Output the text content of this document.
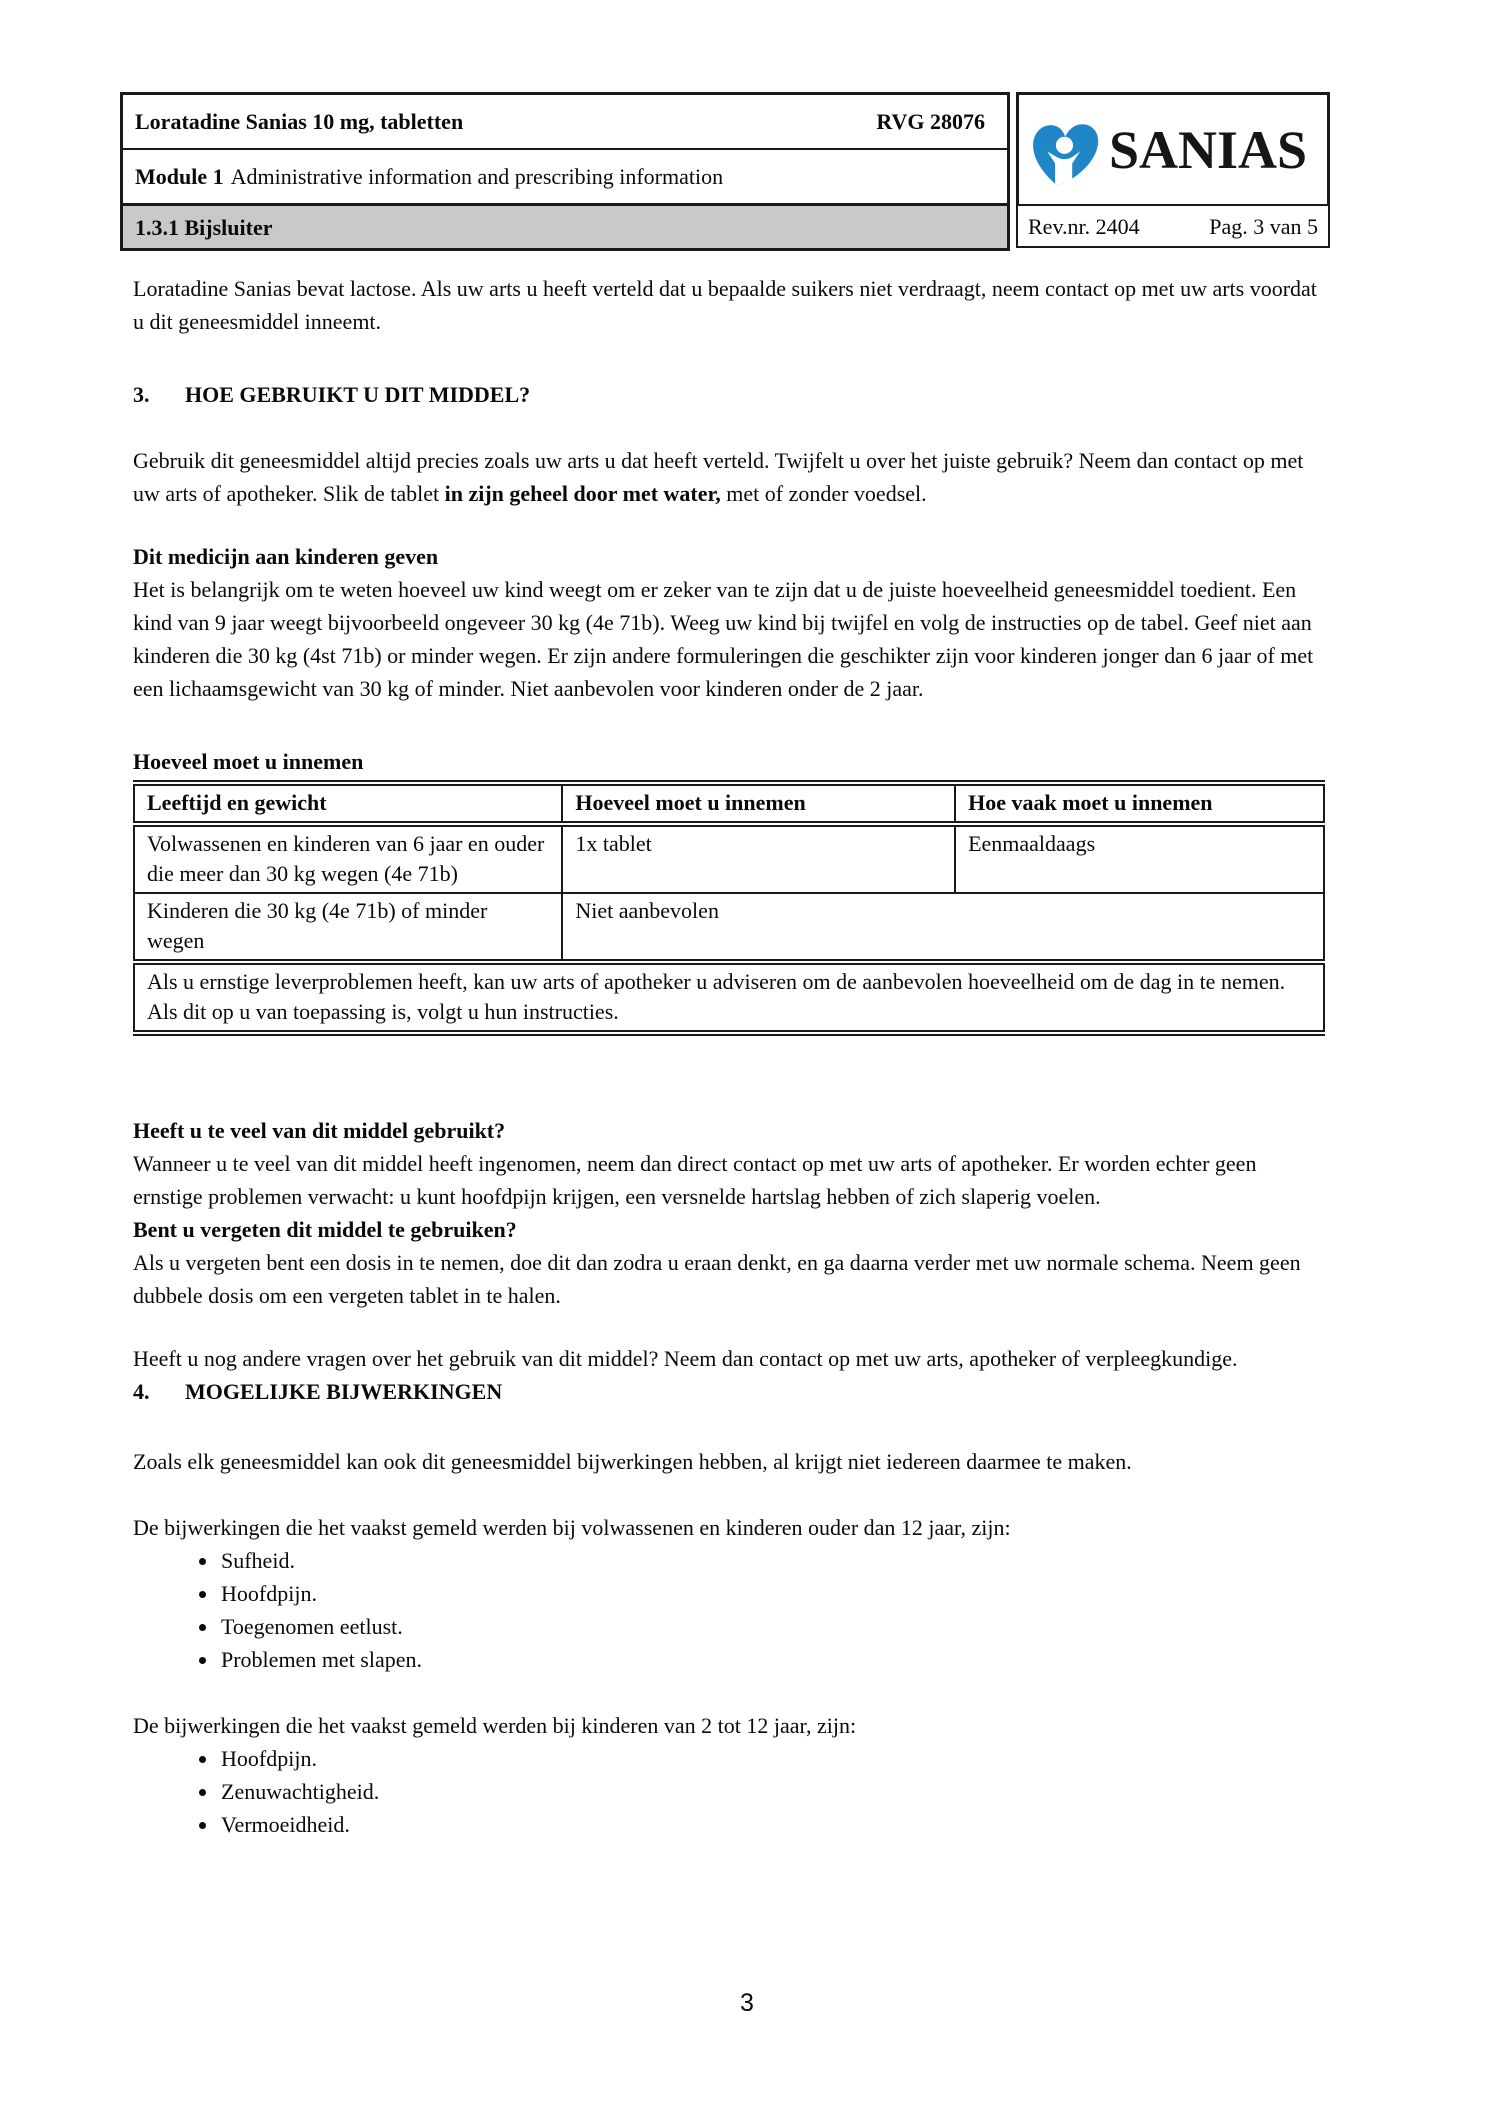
Loratadine Sanias 10 mg, tabletten	RVG 28076
Module 1 Administrative information and prescribing information
1.3.1 Bijsluiter
SANIAS
Rev.nr. 2404	Pag. 3 van 5

Loratadine Sanias bevat lactose. Als uw arts u heeft verteld dat u bepaalde suikers niet verdraagt, neem contact op met uw arts voordat u dit geneesmiddel inneemt.

3.	HOE GEBRUIKT U DIT MIDDEL?

Gebruik dit geneesmiddel altijd precies zoals uw arts u dat heeft verteld. Twijfelt u over het juiste gebruik? Neem dan contact op met uw arts of apotheker. Slik de tablet in zijn geheel door met water, met of zonder voedsel.

Dit medicijn aan kinderen geven

Het is belangrijk om te weten hoeveel uw kind weegt om er zeker van te zijn dat u de juiste hoeveelheid geneesmiddel toedient. Een kind van 9 jaar weegt bijvoorbeeld ongeveer 30 kg (4e 71b). Weeg uw kind bij twijfel en volg de instructies op de tabel. Geef niet aan kinderen die 30 kg (4st 71b) or minder wegen. Er zijn andere formuleringen die geschikter zijn voor kinderen jonger dan 6 jaar of met een lichaamsgewicht van 30 kg of minder. Niet aanbevolen voor kinderen onder de 2 jaar.

Hoeveel moet u innemen

Leeftijd en gewicht	Hoeveel moet u innemen	Hoe vaak moet u innemen
Volwassenen en kinderen van 6 jaar en ouder die meer dan 30 kg wegen (4e 71b)	1x tablet	Eenmaaldaags
Kinderen die 30 kg (4e 71b) of minder wegen	Niet aanbevolen	
Als u ernstige leverproblemen heeft, kan uw arts of apotheker u adviseren om de aanbevolen hoeveelheid om de dag in te nemen. Als dit op u van toepassing is, volgt u hun instructies.		

Heeft u te veel van dit middel gebruikt?

Wanneer u te veel van dit middel heeft ingenomen, neem dan direct contact op met uw arts of apotheker. Er worden echter geen ernstige problemen verwacht: u kunt hoofdpijn krijgen, een versnelde hartslag hebben of zich slaperig voelen.

Bent u vergeten dit middel te gebruiken?

Als u vergeten bent een dosis in te nemen, doe dit dan zodra u eraan denkt, en ga daarna verder met uw normale schema. Neem geen dubbele dosis om een vergeten tablet in te halen.

Heeft u nog andere vragen over het gebruik van dit middel? Neem dan contact op met uw arts, apotheker of verpleegkundige.

4.	MOGELIJKE BIJWERKINGEN

Zoals elk geneesmiddel kan ook dit geneesmiddel bijwerkingen hebben, al krijgt niet iedereen daarmee te maken.

De bijwerkingen die het vaakst gemeld werden bij volwassenen en kinderen ouder dan 12 jaar, zijn:

• Sufheid.
• Hoofdpijn.
• Toegenomen eetlust.
• Problemen met slapen.

De bijwerkingen die het vaakst gemeld werden bij kinderen van 2 tot 12 jaar, zijn:

• Hoofdpijn.
• Zenuwachtigheid.
• Vermoeidheid.
3
